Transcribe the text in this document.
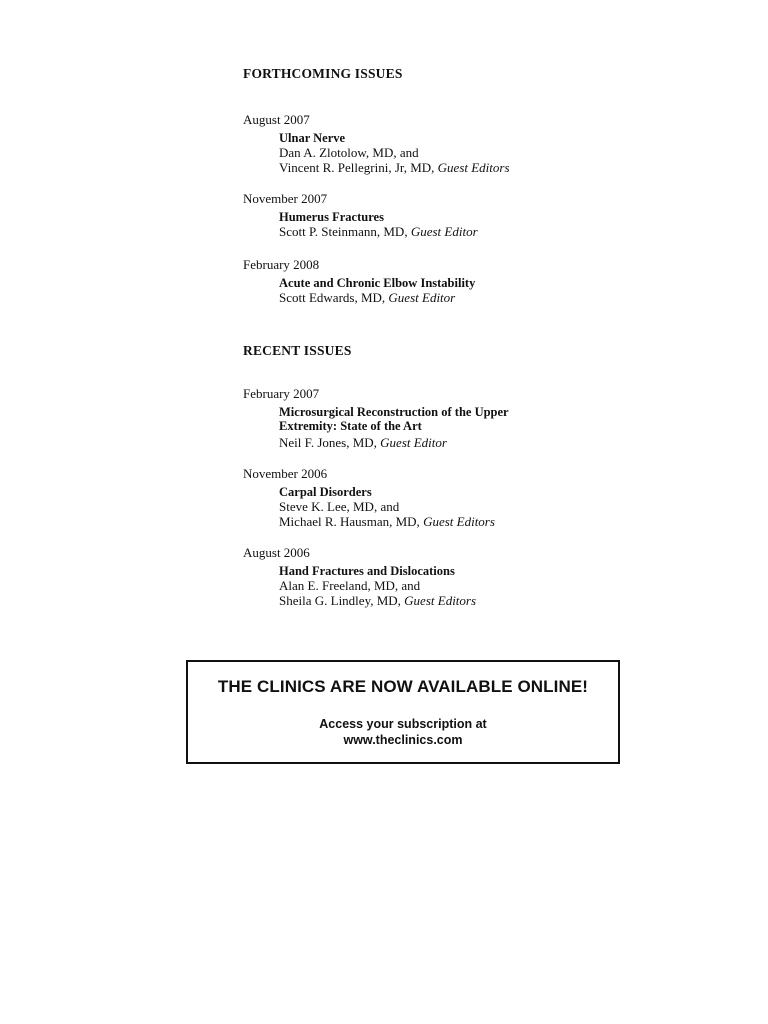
FORTHCOMING ISSUES

August 2007

Ulnar Nerve

Dan A. Zlotolow, MD, and

Vincent R. Pellegrini, Jr, MD, Guest Editors

November 2007

Humerus Fractures

Scott P. Steinmann, MD, Guest Editor

February 2008

Acute and Chronic Elbow Instability

Scott Edwards, MD, Guest Editor

RECENT ISSUES

February 2007

Microsurgical Reconstruction of the Upper

Extremity: State of the Art

Neil F. Jones, MD, Guest Editor

November 2006

Carpal Disorders

Steve K. Lee, MD, and

Michael R. Hausman, MD, Guest Editors

August 2006

Hand Fractures and Dislocations

Alan E. Freeland, MD, and

Sheila G. Lindley, MD, Guest Editors

THE CLINICS ARE NOW AVAILABLE ONLINE!

Access your subscription at
www.theclinics.com
